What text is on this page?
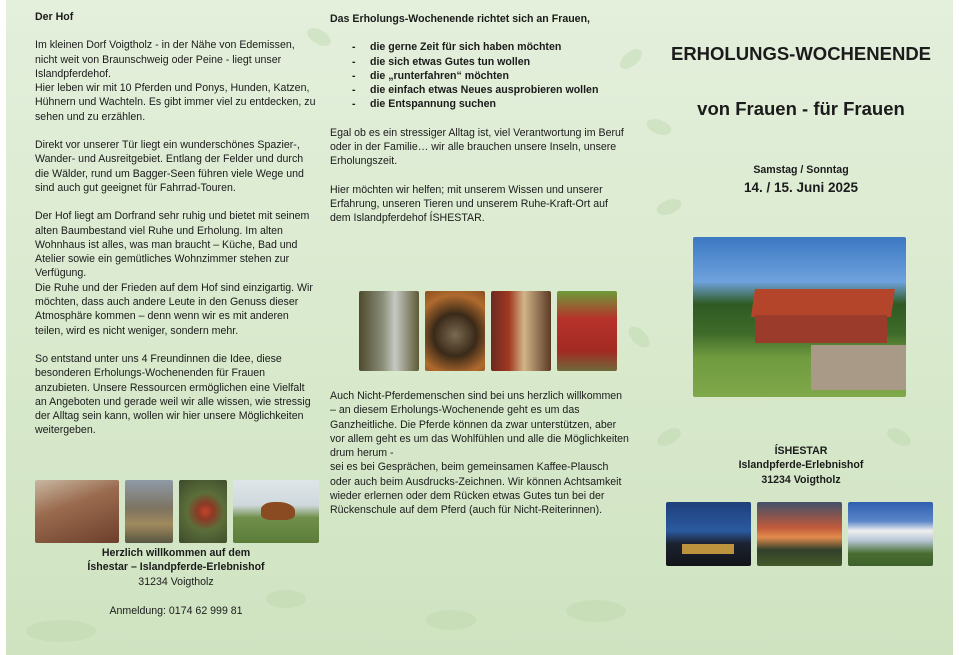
Der Hof

Im kleinen Dorf Voigtholz - in der Nähe von Edemissen, nicht weit von Braunschweig oder Peine - liegt unser Islandpferdehof.

Hier leben wir mit 10 Pferden und Ponys, Hunden, Katzen, Hühnern und Wachteln. Es gibt immer viel zu entdecken, zu sehen und zu erzählen.

Direkt vor unserer Tür liegt ein wunderschönes Spazier-, Wander- und Ausreitgebiet. Entlang der Felder und durch die Wälder, rund um Bagger-Seen führen viele Wege und sind auch gut geeignet für Fahrrad-Touren.

Der Hof liegt am Dorfrand sehr ruhig und bietet mit seinem alten Baumbestand viel Ruhe und Erholung. Im alten Wohnhaus ist alles, was man braucht – Küche, Bad und Atelier sowie ein gemütliches Wohnzimmer stehen zur Verfügung.

Die Ruhe und der Frieden auf dem Hof sind einzigartig. Wir möchten, dass auch andere Leute in den Genuss dieser Atmosphäre kommen – denn wenn wir es mit anderen teilen, wird es nicht weniger, sondern mehr.

So entstand unter uns 4 Freundinnen die Idee, diese besonderen Erholungs-Wochenenden für Frauen anzubieten. Unsere Ressourcen ermöglichen eine Vielfalt an Angeboten und gerade weil wir alle wissen, wie stressig der Alltag sein kann, wollen wir hier unsere Möglichkeiten weitergeben.

Herzlich willkommen auf dem
Íshestar – Islandpferde-Erlebnishof
31234 Voigtholz
Anmeldung: 0174 62 999 81

Das Erholungs-Wochenende richtet sich an Frauen,

- die gerne Zeit für sich haben möchten
- die sich etwas Gutes tun wollen
- die „runterfahren“ möchten
- die einfach etwas Neues ausprobieren wollen
- die Entspannung suchen

Egal ob es ein stressiger Alltag ist, viel Verantwortung im Beruf oder in der Familie… wir alle brauchen unsere Inseln, unsere Erholungszeit.

Hier möchten wir helfen; mit unserem Wissen und unserer Erfahrung, unseren Tieren und unserem Ruhe-Kraft-Ort auf dem Islandpferdehof ÍSHESTAR.

Auch Nicht-Pferdemenschen sind bei uns herzlich willkommen – an diesem Erholungs-Wochenende geht es um das Ganzheitliche. Die Pferde können da zwar unterstützen, aber vor allem geht es um das Wohlfühlen und alle die Möglichkeiten drum herum -

sei es bei Gesprächen, beim gemeinsamen Kaffee-Plausch oder auch beim Ausdrucks-Zeichnen. Wir können Achtsamkeit wieder erlernen oder dem Rücken etwas Gutes tun bei der Rückenschule auf dem Pferd (auch für Nicht-Reiterinnen).

ERHOLUNGS-WOCHENENDE
von Frauen - für Frauen
Samstag / Sonntag
14. / 15. Juni 2025
ÍSHESTAR
Islandpferde-Erlebnishof
31234 Voigtholz
